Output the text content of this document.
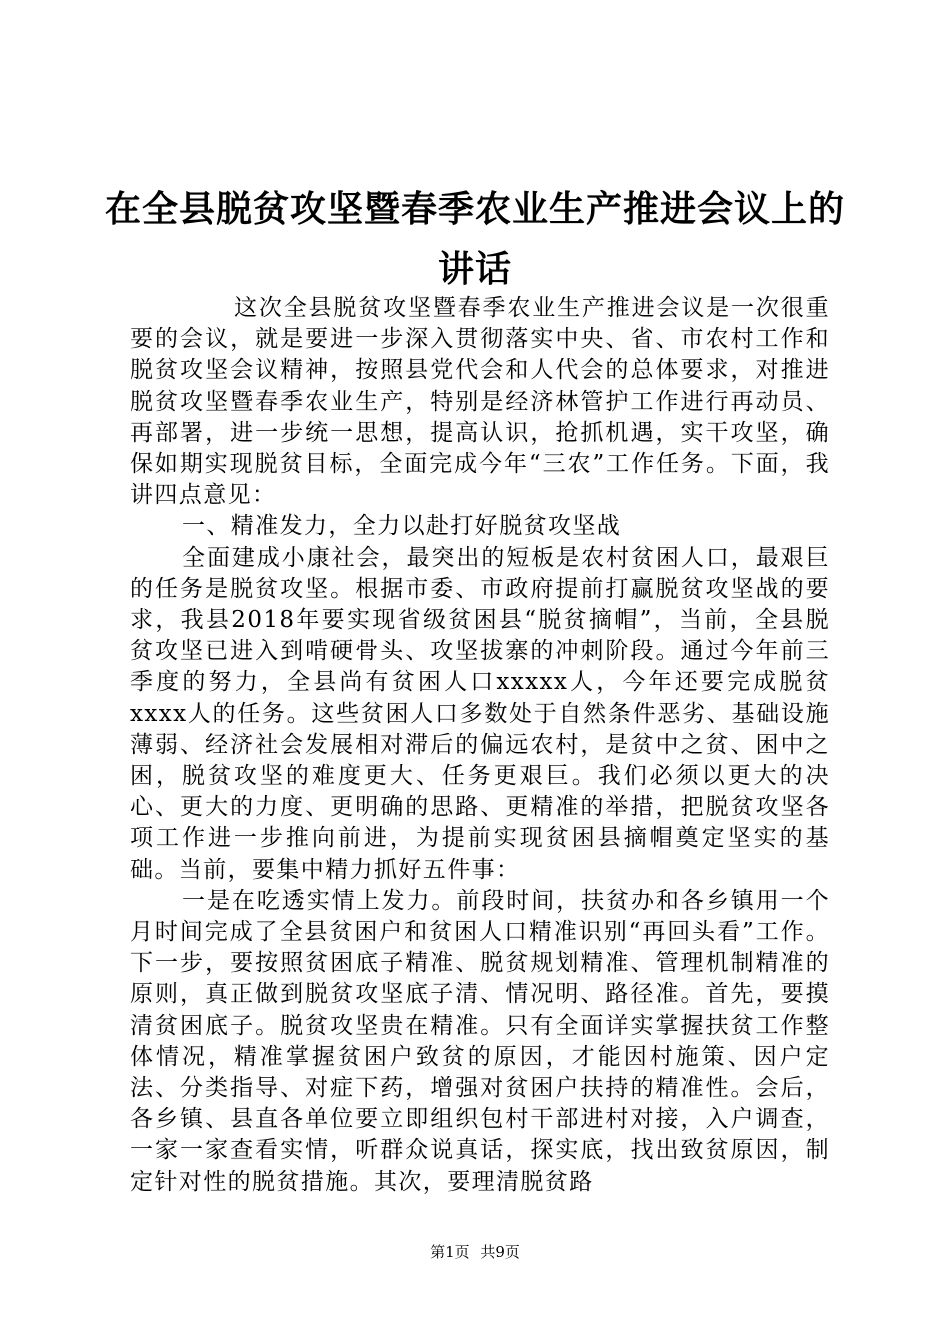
在全县脱贫攻坚暨春季农业生产推进会议上的
讲话

这次全县脱贫攻坚暨春季农业生产推进会议是一次很重要的会议，就是要进一步深入贯彻落实中央、省、市农村工作和脱贫攻坚会议精神，按照县党代会和人代会的总体要求，对推进脱贫攻坚暨春季农业生产，特别是经济林管护工作进行再动员、再部署，进一步统一思想，提高认识，抢抓机遇，实干攻坚，确保如期实现脱贫目标，全面完成今年“三农”工作任务。下面，我讲四点意见：

一、精准发力，全力以赴打好脱贫攻坚战

全面建成小康社会，最突出的短板是农村贫困人口，最艰巨的任务是脱贫攻坚。根据市委、市政府提前打赢脱贫攻坚战的要求，我县2018年要实现省级贫困县“脱贫摘帽”，当前，全县脱贫攻坚已进入到啃硬骨头、攻坚拔寨的冲刺阶段。通过今年前三季度的努力，全县尚有贫困人口xxxxx人，今年还要完成脱贫xxxx人的任务。这些贫困人口多数处于自然条件恶劣、基础设施薄弱、经济社会发展相对滞后的偏远农村，是贫中之贫、困中之困，脱贫攻坚的难度更大、任务更艰巨。我们必须以更大的决心、更大的力度、更明确的思路、更精准的举措，把脱贫攻坚各项工作进一步推向前进，为提前实现贫困县摘帽奠定坚实的基础。当前，要集中精力抓好五件事：

一是在吃透实情上发力。前段时间，扶贫办和各乡镇用一个月时间完成了全县贫困户和贫困人口精准识别“再回头看”工作。下一步，要按照贫困底子精准、脱贫规划精准、管理机制精准的原则，真正做到脱贫攻坚底子清、情况明、路径准。首先，要摸清贫困底子。脱贫攻坚贵在精准。只有全面详实掌握扶贫工作整体情况，精准掌握贫困户致贫的原因，才能因村施策、因户定法、分类指导、对症下药，增强对贫困户扶持的精准性。会后，各乡镇、县直各单位要立即组织包村干部进村对接，入户调查，一家一家查看实情，听群众说真话，探实底，找出致贫原因，制定针对性的脱贫措施。其次，要理清脱贫路

第1页 共9页
